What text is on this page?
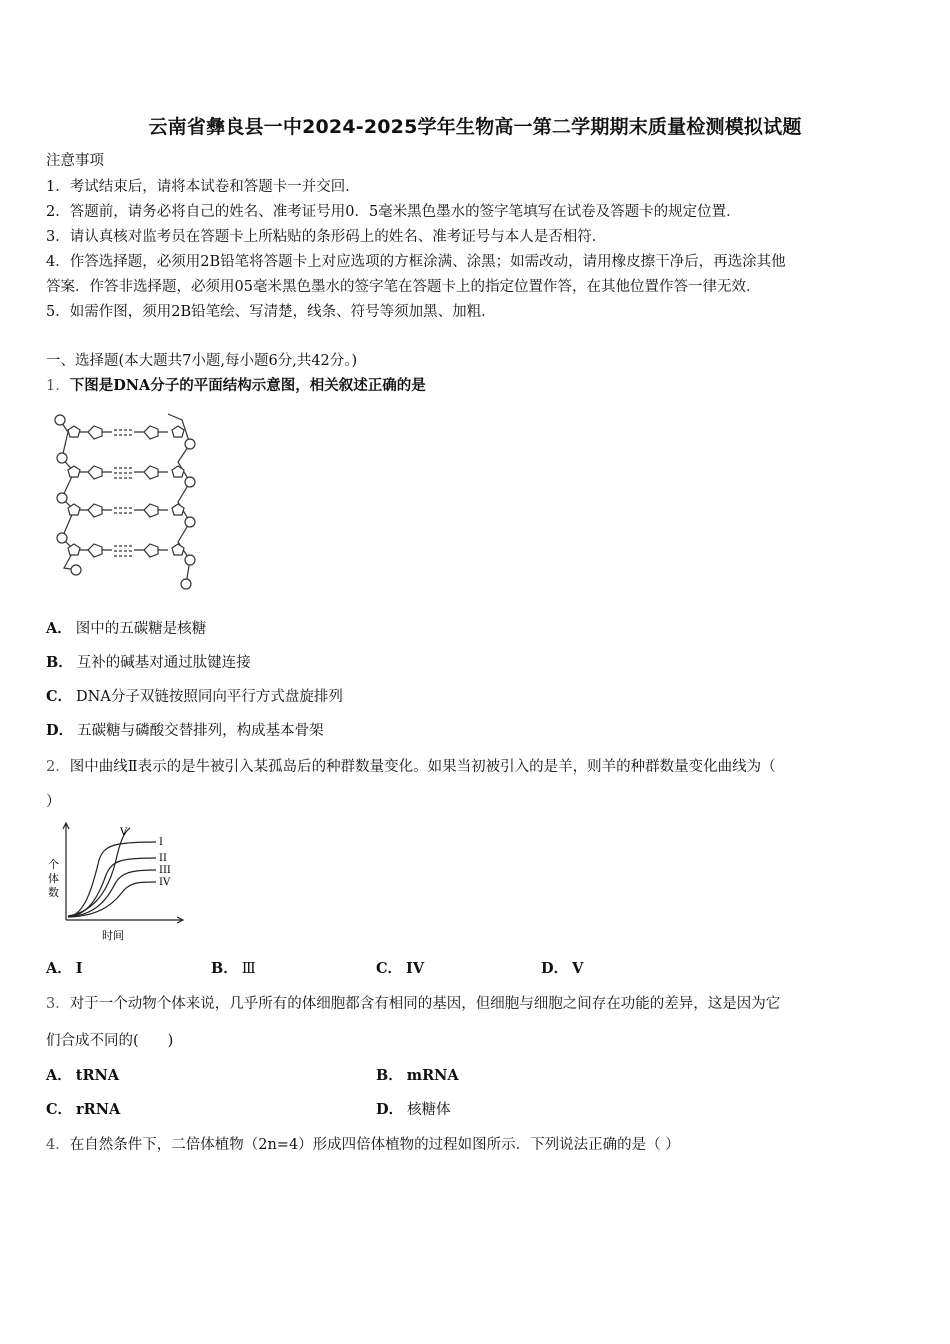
云南省彝良县一中2024-2025学年生物高一第二学期期末质量检测模拟试题
注意事项
1．考试结束后，请将本试卷和答题卡一并交回．
2．答题前，请务必将自己的姓名、准考证号用0．5毫米黑色墨水的签字笔填写在试卷及答题卡的规定位置．
3．请认真核对监考员在答题卡上所粘贴的条形码上的姓名、准考证号与本人是否相符．
4．作答选择题，必须用2B铅笔将答题卡上对应选项的方框涂满、涂黑；如需改动，请用橡皮擦干净后，再选涂其他
答案．作答非选择题，必须用05毫米黑色墨水的签字笔在答题卡上的指定位置作答，在其他位置作答一律无效．
5．如需作图，须用2B铅笔绘、写清楚，线条、符号等须加黑、加粗．
一、选择题(本大题共7小题,每小题6分,共42分。)
1．下图是DNA分子的平面结构示意图，相关叙述正确的是
A． 图中的五碳糖是核糖
B． 互补的碱基对通过肽键连接
C． DNA分子双链按照同向平行方式盘旋排列
D． 五碳糖与磷酸交替排列，构成基本骨架
2．图中曲线Ⅱ表示的是牛被引入某孤岛后的种群数量变化。如果当初被引入的是羊，则羊的种群数量变化曲线为（
）
个
体
数
时间
V
I
II
III
IV
A． I	B． Ⅲ	C． IV	D． V
3．对于一个动物个体来说，几乎所有的体细胞都含有相同的基因，但细胞与细胞之间存在功能的差异，这是因为它
们合成不同的(　　)
A． tRNA	B． mRNA
C． rRNA	D． 核糖体
4．在自然条件下，二倍体植物（2n=4）形成四倍体植物的过程如图所示．下列说法正确的是（ ）
